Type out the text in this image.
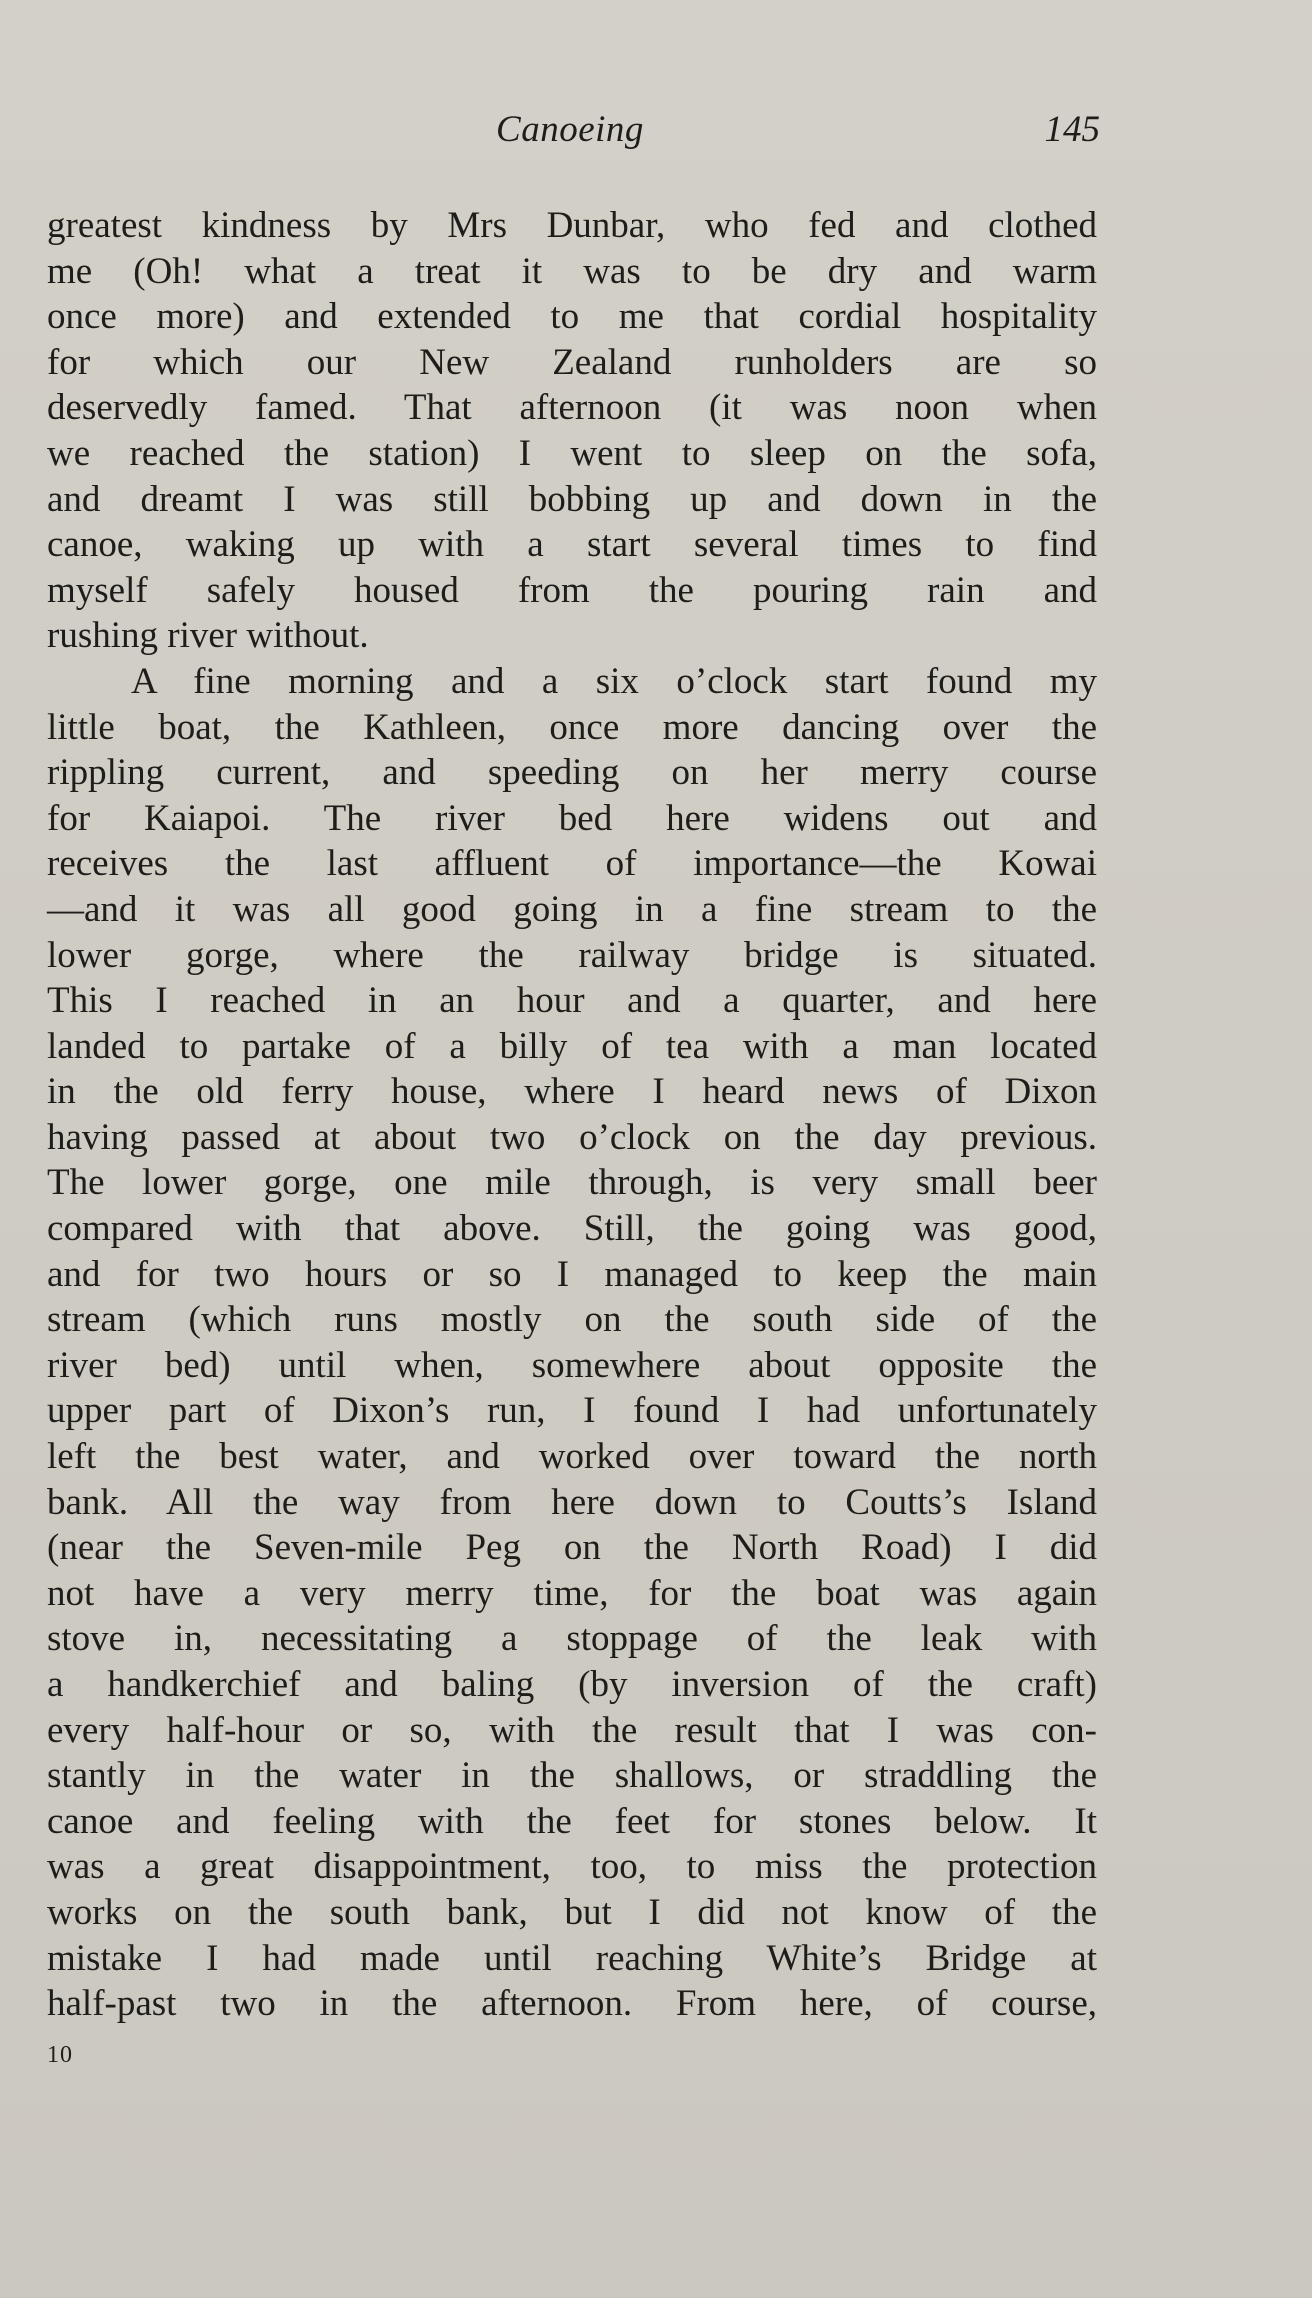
Canoeing	145
greatest kindness by Mrs Dunbar, who fed and clothed
me (Oh! what a treat it was to be dry and warm
once more) and extended to me that cordial hospitality
for which our New Zealand runholders are so
deservedly famed. That afternoon (it was noon when
we reached the station) I went to sleep on the sofa,
and dreamt I was still bobbing up and down in the
canoe, waking up with a start several times to find
myself safely housed from the pouring rain and
rushing river without.
A fine morning and a six o’clock start found my
little boat, the Kathleen, once more dancing over the
rippling current, and speeding on her merry course
for Kaiapoi. The river bed here widens out and
receives the last affluent of importance—the Kowai
—and it was all good going in a fine stream to the
lower gorge, where the railway bridge is situated.
This I reached in an hour and a quarter, and here
landed to partake of a billy of tea with a man located
in the old ferry house, where I heard news of Dixon
having passed at about two o’clock on the day previous.
The lower gorge, one mile through, is very small beer
compared with that above. Still, the going was good,
and for two hours or so I managed to keep the main
stream (which runs mostly on the south side of the
river bed) until when, somewhere about opposite the
upper part of Dixon’s run, I found I had unfortunately
left the best water, and worked over toward the north
bank. All the way from here down to Coutts’s Island
(near the Seven-mile Peg on the North Road) I did
not have a very merry time, for the boat was again
stove in, necessitating a stoppage of the leak with
a handkerchief and baling (by inversion of the craft)
every half-hour or so, with the result that I was con-
stantly in the water in the shallows, or straddling the
canoe and feeling with the feet for stones below. It
was a great disappointment, too, to miss the protection
works on the south bank, but I did not know of the
mistake I had made until reaching White’s Bridge at
half-past two in the afternoon. From here, of course,
10
